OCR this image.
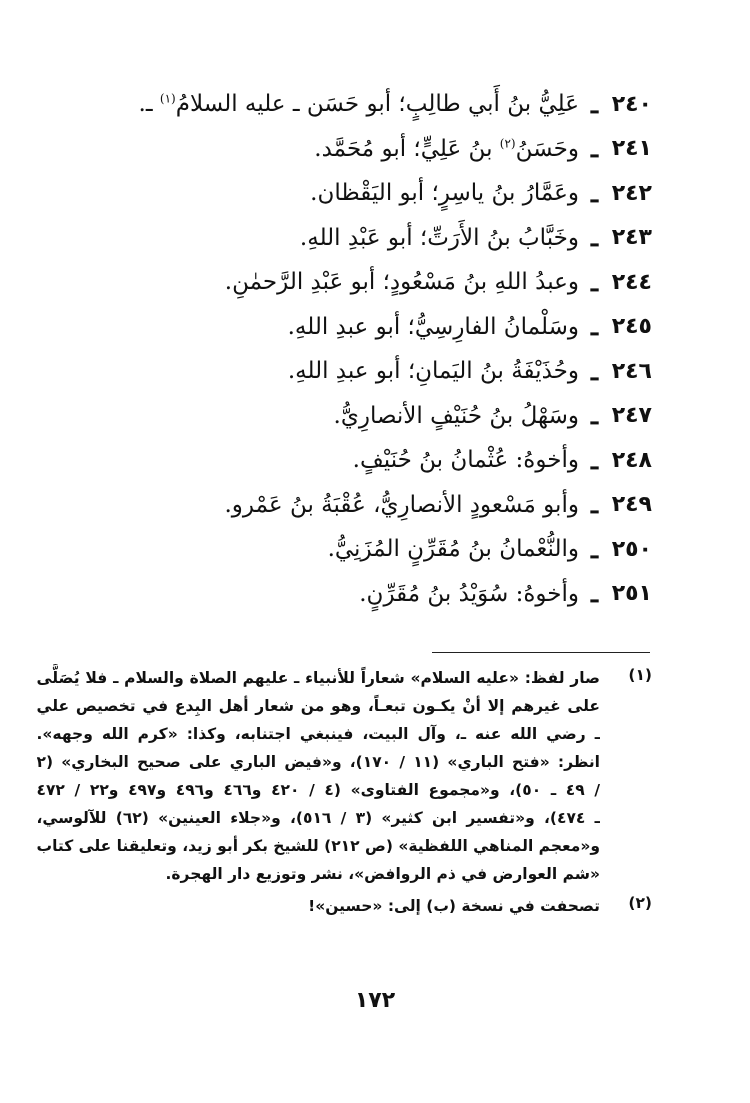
٢٤٠
ـ
عَلِيُّ بنُ أَبي طالِبٍ؛ أبو حَسَن ـ عليه السلامُ$^{(١)}$ ـ.
٢٤١
ـ
وحَسَنُ$^{(٢)}$ بنُ عَلِيٍّ؛ أبو مُحَمَّد.
٢٤٢
ـ
وعَمَّارُ بنُ ياسِرٍ؛ أبو اليَقْظان.
٢٤٣
ـ
وخَبَّابُ بنُ الأَرَتِّ؛ أبو عَبْدِ اللهِ.
٢٤٤
ـ
وعبدُ اللهِ بنُ مَسْعُودٍ؛ أبو عَبْدِ الرَّحمٰنِ.
٢٤٥
ـ
وسَلْمانُ الفارِسِيُّ؛ أبو عبدِ اللهِ.
٢٤٦
ـ
وحُذَيْفَةُ بنُ اليَمانِ؛ أبو عبدِ اللهِ.
٢٤٧
ـ
وسَهْلُ بنُ حُنَيْفٍ الأنصارِيُّ.
٢٤٨
ـ
وأخوهُ: عُثْمانُ بنُ حُنَيْفٍ.
٢٤٩
ـ
وأبو مَسْعودٍ الأنصارِيُّ، عُقْبَةُ بنُ عَمْرو.
٢٥٠
ـ
والنُّعْمانُ بنُ مُقَرِّنٍ المُزَنِيُّ.
٢٥١
ـ
وأخوهُ: سُوَيْدُ بنُ مُقَرِّنٍ.
(١)
صار لفظ: «عليه السلام» شعاراً للأنبياء ـ عليهم الصلاة والسلام ـ فلا يُصَلَّى
على غيرهم إلا أنْ يكـون تبعـاً، وهو من شعار أهل البِدع في تخصيص علي
ـ رضي الله عنه ـ، وآل البيت، فينبغي اجتنابه، وكذا: «كرم الله وجهه».
انظر: «فتح الباري» (١١ / ١٧٠)، و«فيض الباري على صحيح البخاري» (٢
/ ٤٩ ـ ٥٠)، و«مجموع الفتاوى» (٤ / ٤٢٠ و٤٦٦ و٤٩٦ و٤٩٧ و٢٢ / ٤٧٢
ـ ٤٧٤)، و«تفسير ابن كثير» (٣ / ٥١٦)، و«جلاء العينين» (٦٢) للآلوسي،
و«معجم المناهي اللفظية» (ص ٢١٢) للشيخ بكر أبو زيد، وتعليقنا على كتاب
«شم العوارض في ذم الروافض»، نشر وتوزيع دار الهجرة.
(٢)
تصحفت في نسخة (ب) إلى: «حسين»!
١٧٢
